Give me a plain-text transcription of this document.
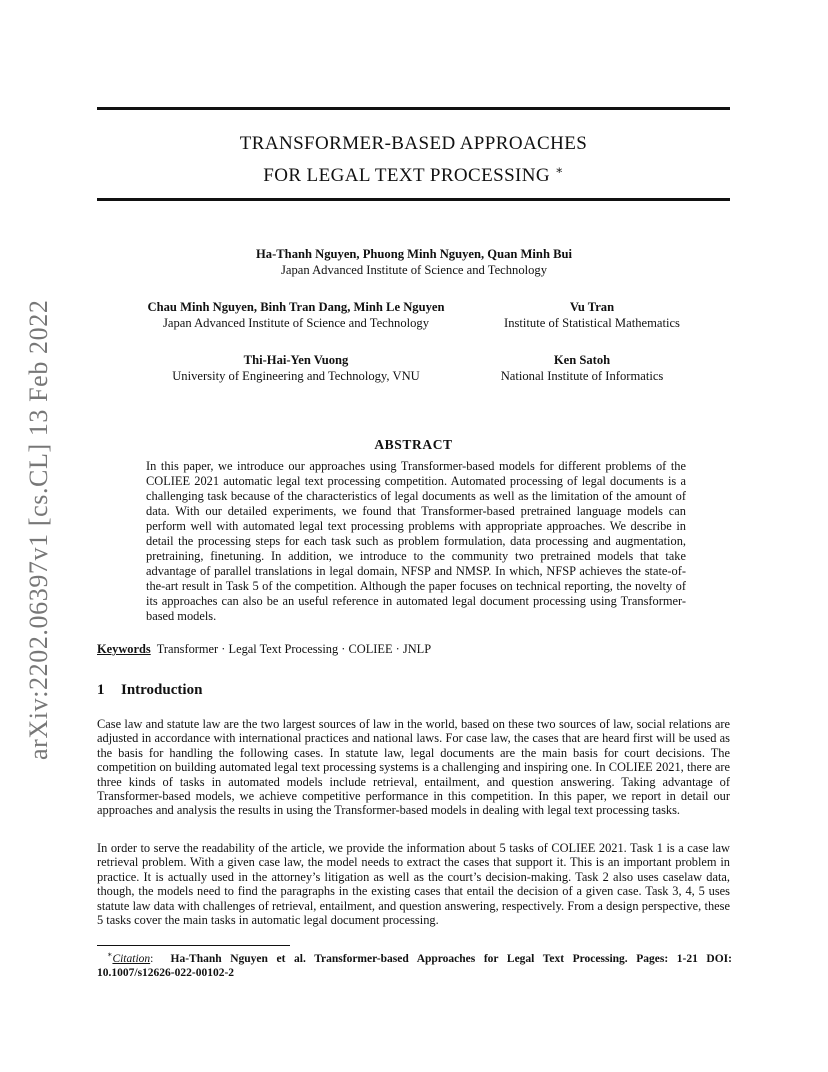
arXiv:2202.06397v1 [cs.CL] 13 Feb 2022
TRANSFORMER-BASED APPROACHES
FOR LEGAL TEXT PROCESSING ∗
Ha-Thanh Nguyen, Phuong Minh Nguyen, Quan Minh Bui
Japan Advanced Institute of Science and Technology
Chau Minh Nguyen, Binh Tran Dang, Minh Le Nguyen
Japan Advanced Institute of Science and Technology
Vu Tran
Institute of Statistical Mathematics
Thi-Hai-Yen Vuong
University of Engineering and Technology, VNU
Ken Satoh
National Institute of Informatics
ABSTRACT
In this paper, we introduce our approaches using Transformer-based models for different problems of the COLIEE 2021 automatic legal text processing competition. Automated processing of legal documents is a challenging task because of the characteristics of legal documents as well as the limitation of the amount of data. With our detailed experiments, we found that Transformer-based pretrained language models can perform well with automated legal text processing problems with appropriate approaches. We describe in detail the processing steps for each task such as problem formulation, data processing and augmentation, pretraining, finetuning. In addition, we introduce to the community two pretrained models that take advantage of parallel translations in legal domain, NFSP and NMSP. In which, NFSP achieves the state-of-the-art result in Task 5 of the competition. Although the paper focuses on technical reporting, the novelty of its approaches can also be an useful reference in automated legal document processing using Transformer-based models.
Keywords Transformer · Legal Text Processing · COLIEE · JNLP
1 Introduction
Case law and statute law are the two largest sources of law in the world, based on these two sources of law, social relations are adjusted in accordance with international practices and national laws. For case law, the cases that are heard first will be used as the basis for handling the following cases. In statute law, legal documents are the main basis for court decisions. The competition on building automated legal text processing systems is a challenging and inspiring one. In COLIEE 2021, there are three kinds of tasks in automated models include retrieval, entailment, and question answering. Taking advantage of Transformer-based models, we achieve competitive performance in this competition. In this paper, we report in detail our approaches and analysis the results in using the Transformer-based models in dealing with legal text processing tasks.
In order to serve the readability of the article, we provide the information about 5 tasks of COLIEE 2021. Task 1 is a case law retrieval problem. With a given case law, the model needs to extract the cases that support it. This is an important problem in practice. It is actually used in the attorney’s litigation as well as the court’s decision-making. Task 2 also uses caselaw data, though, the models need to find the paragraphs in the existing cases that entail the decision of a given case. Task 3, 4, 5 uses statute law data with challenges of retrieval, entailment, and question answering, respectively. From a design perspective, these 5 tasks cover the main tasks in automatic legal document processing.
∗Citation:  Ha-Thanh Nguyen et al. Transformer-based Approaches for Legal Text Processing. Pages: 1-21 DOI: 10.1007/s12626-022-00102-2
